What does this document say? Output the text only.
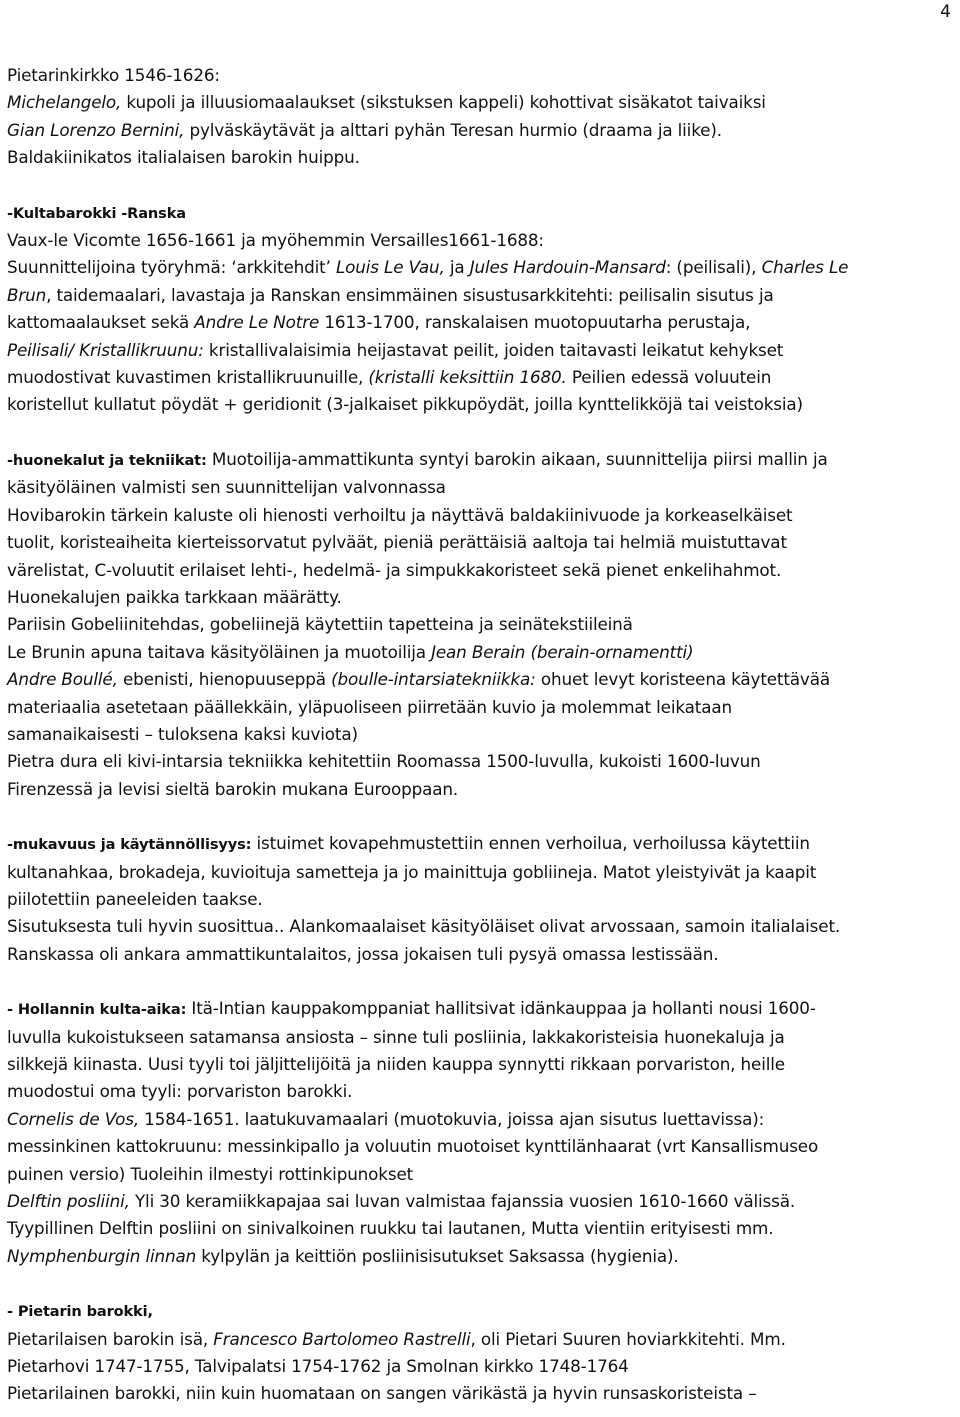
4

Pietarinkirkko 1546-1626:

Michelangelo, kupoli ja illuusiomaalaukset (sikstuksen kappeli) kohottivat sisäkatot taivaiksi

Gian Lorenzo Bernini, pylväskäytävät ja alttari pyhän Teresan hurmio (draama ja liike).

Baldakiinikatos italialaisen barokin huippu.

-Kultabarokki -Ranska

Vaux-le Vicomte 1656-1661 ja myöhemmin Versailles1661-1688:

Suunnittelijoina työryhmä: ‘arkkitehdit’ Louis Le Vau, ja Jules Hardouin-Mansard: (peilisali), Charles Le

Brun, taidemaalari, lavastaja ja Ranskan ensimmäinen sisustusarkkitehti: peilisalin sisutus ja

kattomaalaukset sekä Andre Le Notre 1613-1700, ranskalaisen muotopuutarha perustaja,

Peilisali/ Kristallikruunu: kristallivalaisimia heijastavat peilit, joiden taitavasti leikatut kehykset

muodostivat kuvastimen kristallikruunuille, (kristalli keksittiin 1680. Peilien edessä voluutein

koristellut kullatut pöydät + geridionit (3-jalkaiset pikkupöydät, joilla kynttelikköjä tai veistoksia)

-huonekalut ja tekniikat: Muotoilija-ammattikunta syntyi barokin aikaan, suunnittelija piirsi mallin ja

käsityöläinen valmisti sen suunnittelijan valvonnassa

Hovibarokin tärkein kaluste oli hienosti verhoiltu ja näyttävä baldakiinivuode ja korkeaselkäiset

tuolit, koristeaiheita kierteissorvatut pylväät, pieniä perättäisiä aaltoja tai helmiä muistuttavat

värelistat, C-voluutit erilaiset lehti-, hedelmä- ja simpukkakoristeet sekä pienet enkelihahmot.

Huonekalujen paikka tarkkaan määrätty.

Pariisin Gobeliinitehdas, gobeliinejä käytettiin tapetteina ja seinätekstiileinä

Le Brunin apuna taitava käsityöläinen ja muotoilija Jean Berain (berain-ornamentti)

Andre Boullé, ebenisti, hienopuuseppä (boulle-intarsiatekniikka: ohuet levyt koristeena käytettävää

materiaalia asetetaan päällekkäin, yläpuoliseen piirretään kuvio ja molemmat leikataan

samanaikaisesti – tuloksena kaksi kuviota)

Pietra dura eli kivi-intarsia tekniikka kehitettiin Roomassa 1500-luvulla, kukoisti 1600-luvun

Firenzessä ja levisi sieltä barokin mukana Eurooppaan.

-mukavuus ja käytännöllisyys: istuimet kovapehmustettiin ennen verhoilua, verhoilussa käytettiin

kultanahkaa, brokadeja, kuvioituja sametteja ja jo mainittuja gobliineja. Matot yleistyivät ja kaapit

piilotettiin paneeleiden taakse.

Sisutuksesta tuli hyvin suosittua.. Alankomaalaiset käsityöläiset olivat arvossaan, samoin italialaiset.

Ranskassa oli ankara ammattikuntalaitos, jossa jokaisen tuli pysyä omassa lestissään.

- Hollannin kulta-aika: Itä-Intian kauppakomppaniat hallitsivat idänkauppaa ja hollanti nousi 1600-

luvulla kukoistukseen satamansa ansiosta – sinne tuli posliinia, lakkakoristeisia huonekaluja ja

silkkejä kiinasta. Uusi tyyli toi jäljittelijöitä ja niiden kauppa synnytti rikkaan porvariston, heille

muodostui oma tyyli: porvariston barokki.

Cornelis de Vos, 1584-1651. laatukuvamaalari (muotokuvia, joissa ajan sisutus luettavissa):

messinkinen kattokruunu: messinkipallo ja voluutin muotoiset kynttilänhaarat (vrt Kansallismuseo

puinen versio) Tuoleihin ilmestyi rottinkipunokset

Delftin posliini, Yli 30 keramiikkapajaa sai luvan valmistaa fajanssia vuosien 1610-1660 välissä.

Tyypillinen Delftin posliini on sinivalkoinen ruukku tai lautanen, Mutta vientiin erityisesti mm.

Nymphenburgin linnan kylpylän ja keittiön posliinisisutukset Saksassa (hygienia).

- Pietarin barokki,

Pietarilaisen barokin isä, Francesco Bartolomeo Rastrelli, oli Pietari Suuren hoviarkkitehti. Mm.

Pietarhovi 1747-1755, Talvipalatsi 1754-1762 ja Smolnan kirkko 1748-1764

Pietarilainen barokki, niin kuin huomataan on sangen värikästä ja hyvin runsaskoristeista –
